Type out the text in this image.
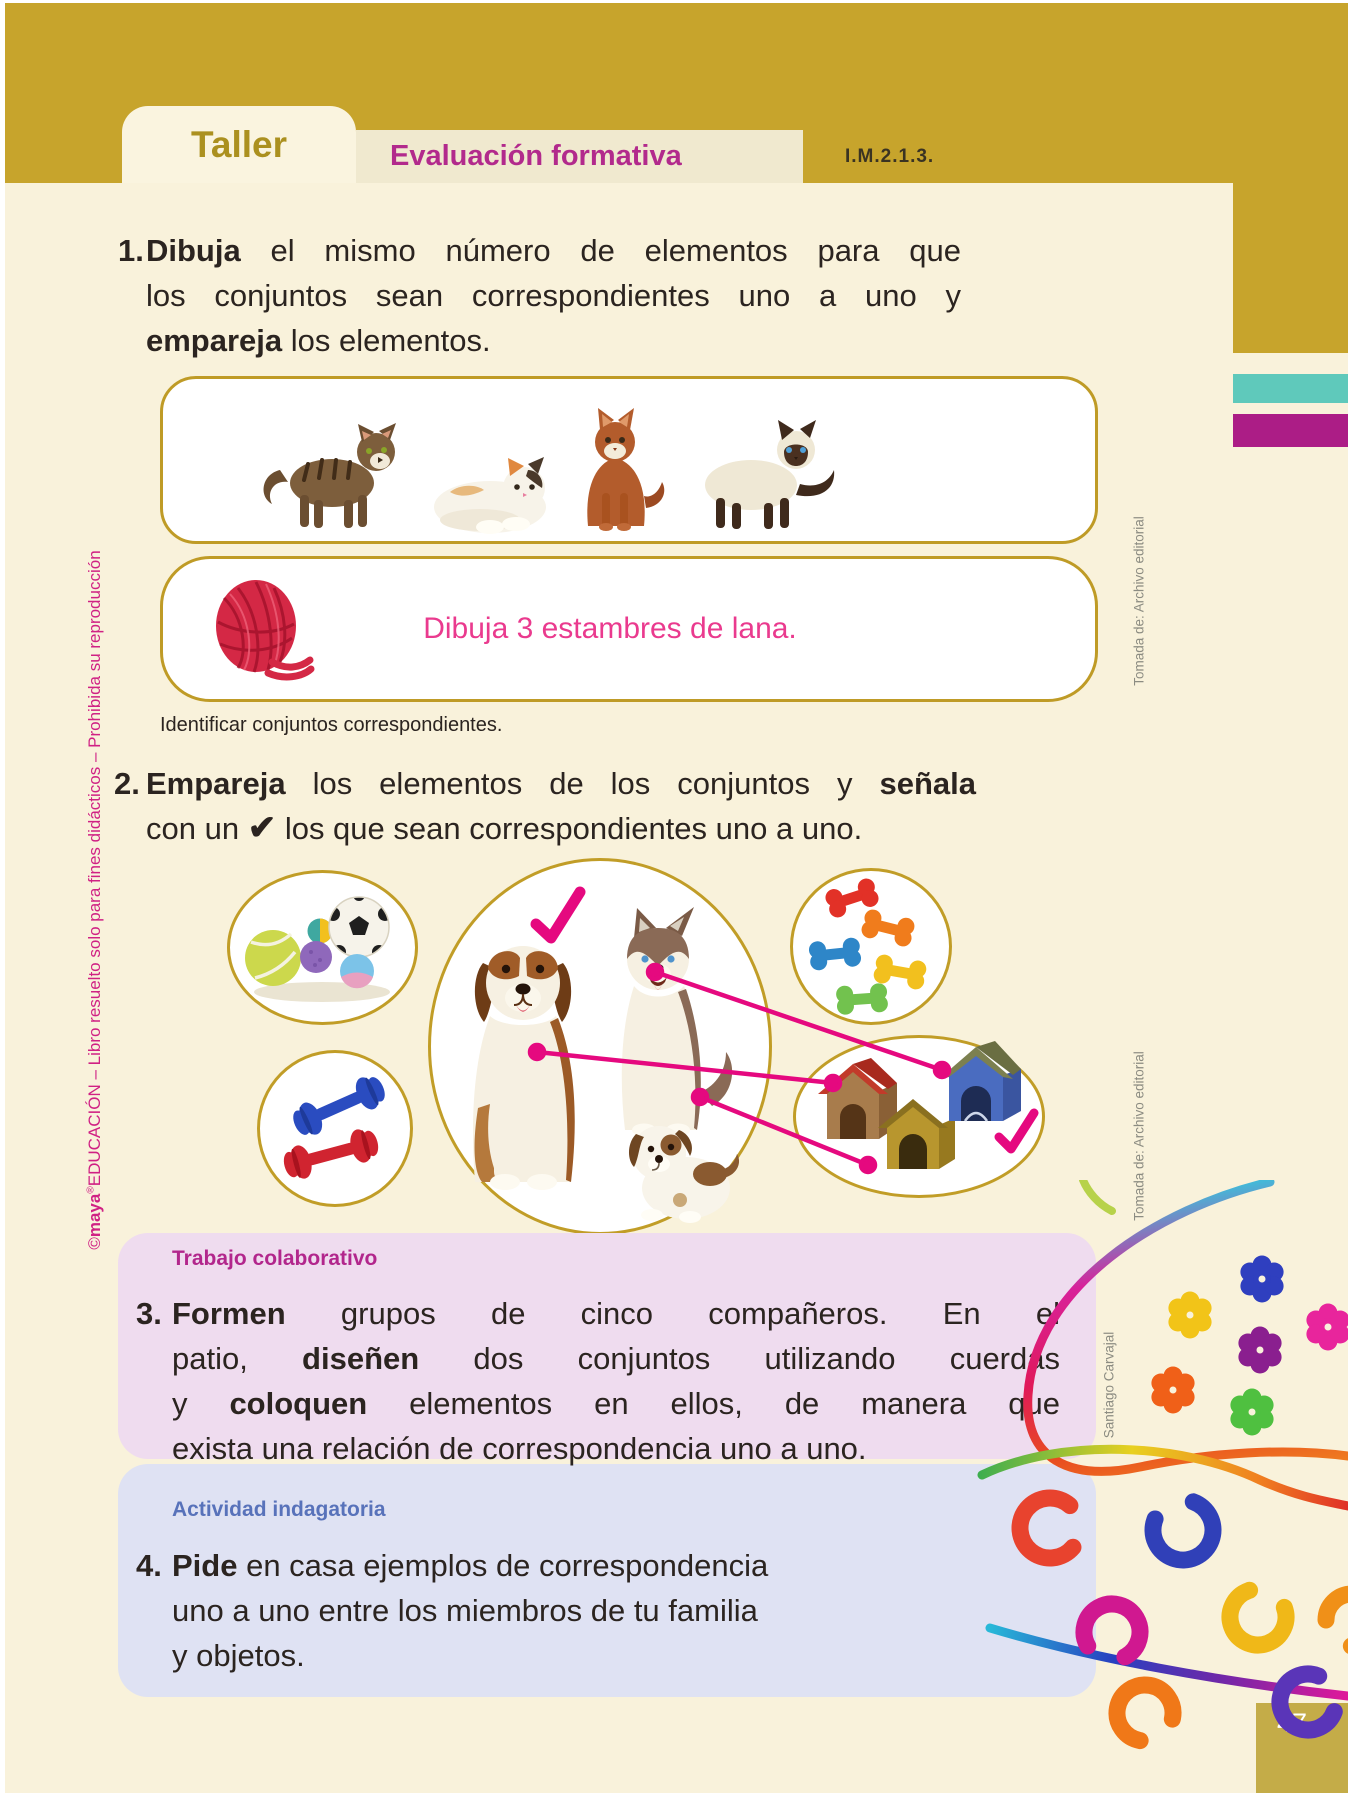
Taller	Evaluación formativa	I.M.2.1.3.
©maya®EDUCACIÓN – Libro resuelto solo para fines didácticos – Prohibida su reproducción	Tomada de: Archivo editorial
Tomada de: Archivo editorial
Santiago Carvajal
1. Dibuja el mismo número de elementos para que
los conjuntos sean correspondientes uno a uno y
empareja los elementos.
Dibuja 3 estambres de lana.
Identificar conjuntos correspondientes.
2. Empareja los elementos de los conjuntos y señala
con un ✔ los que sean correspondientes uno a uno.
Trabajo colaborativo
3. Formen grupos de cinco compañeros. En el
patio, diseñen dos conjuntos utilizando cuerdas
y coloquen elementos en ellos, de manera que
exista una relación de correspondencia uno a uno.
Actividad indagatoria
4. Pide en casa ejemplos de correspondencia
uno a uno entre los miembros de tu familia
y objetos.
47
